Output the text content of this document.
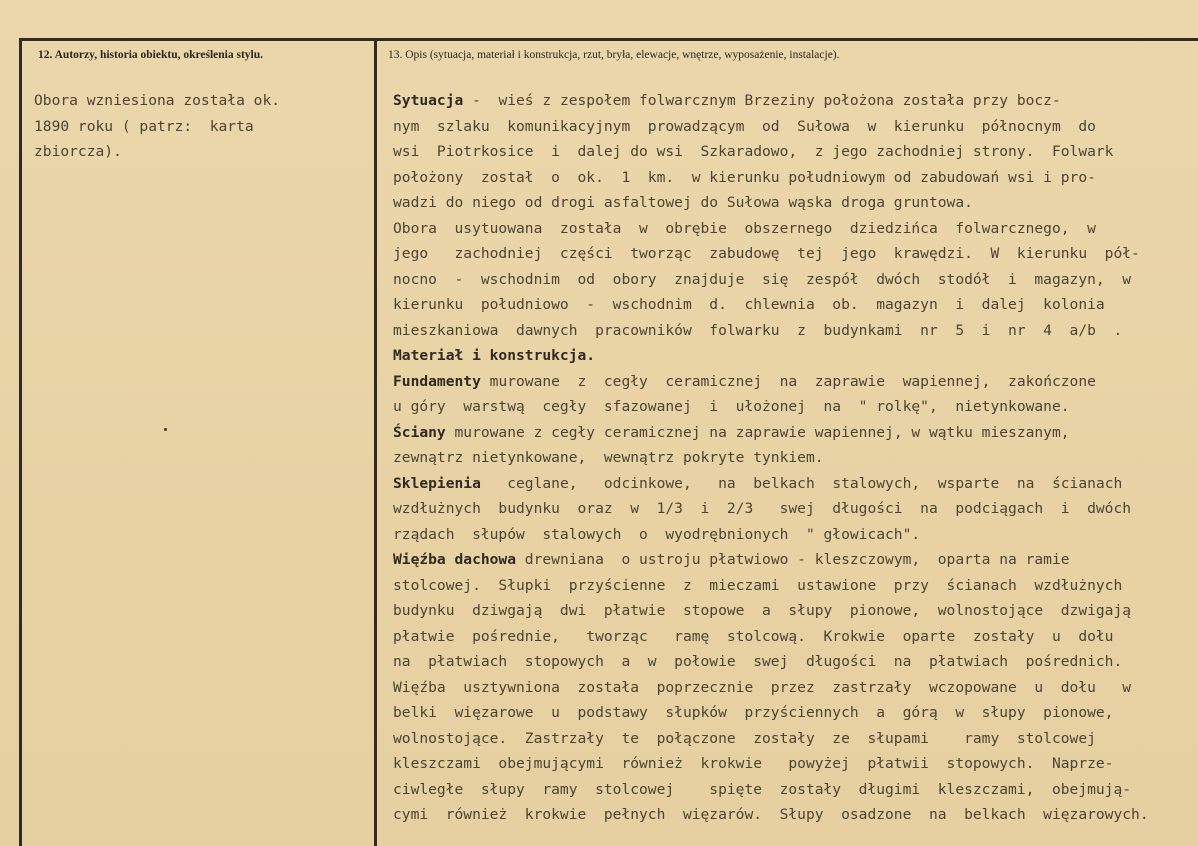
12. Autorzy, historia obiektu, określenia stylu.	13. Opis (sytuacja, materiał i konstrukcja, rzut, bryła, elewacje, wnętrze, wyposażenie, instalacje).
Obora wzniesiona została ok.
1890 roku ( patrz:  karta
zbiorcza).
Sytuacja -  wieś z zespołem folwarcznym Brzeziny położona została przy bocz-
nym  szlaku  komunikacyjnym  prowadzącym  od  Sułowa  w  kierunku  północnym  do
wsi  Piotrkosice  i  dalej do wsi  Szkaradowo,  z jego zachodniej strony.  Folwark
położony  został  o  ok.  1  km.  w kierunku południowym od zabudowań wsi i pro-
wadzi do niego od drogi asfaltowej do Sułowa wąska droga gruntowa.
Obora  usytuowana  została  w  obrębie  obszernego  dziedzińca  folwarcznego,  w
jego   zachodniej  części  tworząc  zabudowę  tej  jego  krawędzi.  W  kierunku  pół-
nocno  -  wschodnim  od  obory  znajduje  się  zespół  dwóch  stodół  i  magazyn,  w
kierunku  południowo  -  wschodnim  d.  chlewnia  ob.  magazyn  i  dalej  kolonia
mieszkaniowa  dawnych  pracowników  folwarku  z  budynkami  nr  5  i  nr  4  a/b  .
Materiał i konstrukcja.
Fundamenty murowane  z  cegły  ceramicznej  na  zaprawie  wapiennej,  zakończone
u góry  warstwą  cegły  sfazowanej  i  ułożonej  na  " rolkę",  nietynkowane.
Ściany murowane z cegły ceramicznej na zaprawie wapiennej, w wątku mieszanym,
zewnątrz nietynkowane,  wewnątrz pokryte tynkiem.
Sklepienia   ceglane,   odcinkowe,   na  belkach  stalowych,  wsparte  na  ścianach
wzdłużnych  budynku  oraz  w  1/3  i  2/3   swej  długości  na  podciągach  i  dwóch
rządach  słupów  stalowych  o  wyodrębnionych  " głowicach".
Więźba dachowa drewniana  o ustroju płatwiowo - kleszczowym,  oparta na ramie
stolcowej.  Słupki  przyścienne  z  mieczami  ustawione  przy  ścianach  wzdłużnych
budynku  dziwgają  dwi  płatwie  stopowe  a  słupy  pionowe,  wolnostojące  dzwigają
płatwie  pośrednie,   tworząc   ramę  stolcową.  Krokwie  oparte  zostały  u  dołu
na  płatwiach  stopowych  a  w  połowie  swej  długości  na  płatwiach  pośrednich.
Więźba  usztywniona  została  poprzecznie  przez  zastrzały  wczopowane  u  dołu   w
belki  więzarowe  u  podstawy  słupków  przyściennych  a  górą  w  słupy  pionowe,
wolnostojące.  Zastrzały  te  połączone  zostały  ze  słupami    ramy  stolcowej
kleszczami  obejmującymi  również  krokwie   powyżej  płatwii  stopowych.  Naprze-
ciwległe  słupy  ramy  stolcowej    spięte  zostały  długimi  kleszczami,  obejmują-
cymi  również  krokwie  pełnych  więzarów.  Słupy  osadzone  na  belkach  więzarowych.
